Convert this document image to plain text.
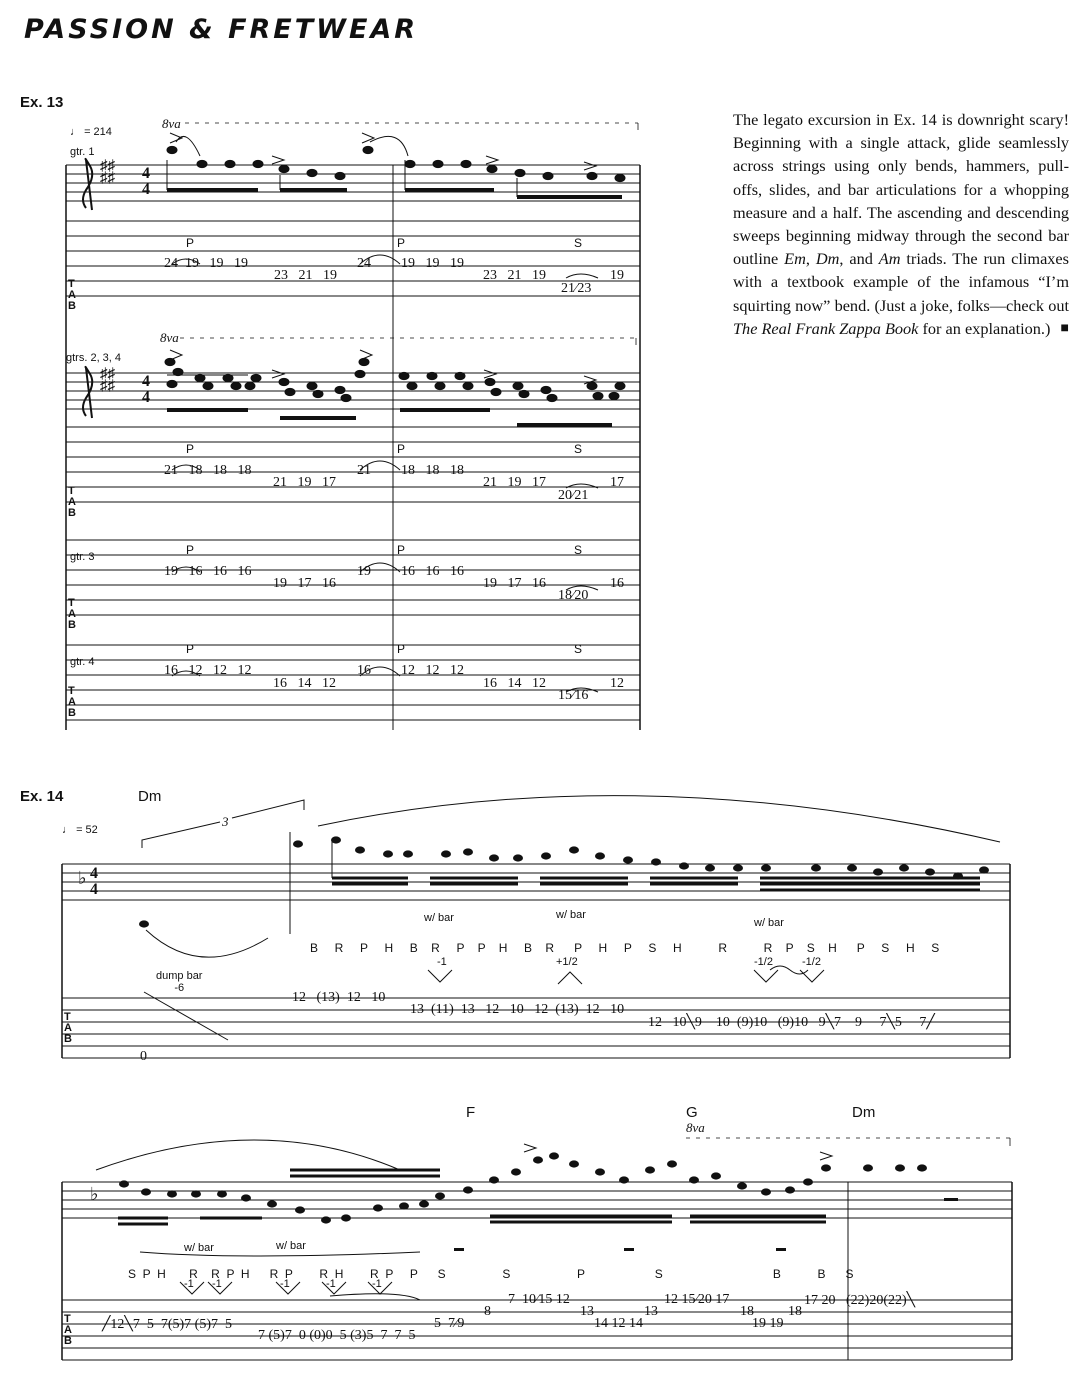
PASSION & FRETWEAR
Ex. 13
♩ = 214
gtr. 1
gtrs. 2, 3, 4
gtr. 3
gtr. 4
8va
8va
T
A
B
T
A
B
T
A
B
T
A
B
P	P	S
24  19   19   19
23   21   19
24 19   19   19
23   21   19
21⁄23
19
P	P	S
21   18   18   18
21   19   17
21 18   18   18
21   19   17
20⁄21
17
P	P	S
19   16   16   16
19   17   16
19 16   16   16
19   17   16
18⁄20
16
P	P	S
16   12   12   12
16   14   12
16 12   12   12
16   14   12
15⁄16
12
♯♯
♯♯ 4
4
♯♯
♯♯ 4
4
The legato excursion in Ex. 14 is downright scary! Beginning with a single attack, glide seamlessly across strings using only bends, hammers, pull-offs, slides, and bar articulations for a whopping measure and a half. The ascending and descending sweeps beginning midway through the second bar outline Em, Dm, and Am triads. The run climaxes with a textbook example of the infamous “I’m squirting now” bend. (Just a joke, folks—check out The Real Frank Zappa Book for an explanation.) ■
Ex. 14	Dm
♩ = 52
3
4
4
♭
♭
dump bar
-6
w/ bar	w/ bar
w/ bar
B     R     P     H     B    R     P    P    H     B    R      P     H     P     S     H           R           R    P    S    H      P     S     H     S
-1	+1/2	-1/2	-1/2
12   (13)  12   10
13  (11)  13   12   10   12  (13)  12   10
12   10╲9    10  (9)10   (9)10   9╲7    9     7╲5     7╱
0
T
A
B
F	G	Dm
8va
w/ bar	w/ bar
S  P  H       R    R  P  H      R  P        R  H        R  P     P      S                 S                    P                     S                                 B           B      S
-1 -1	-1	-1	-1
╱12╲7  5  7(5)7 (5)7  5
7 (5)7  0 (0)0  5 (3)5  7  7  5
5  7⁄9
8
7  10⁄15 12
13
14 12 14
13
12 15⁄20 17
18
19 19
18
17 20   (22)20(22)╲
T
A
B
